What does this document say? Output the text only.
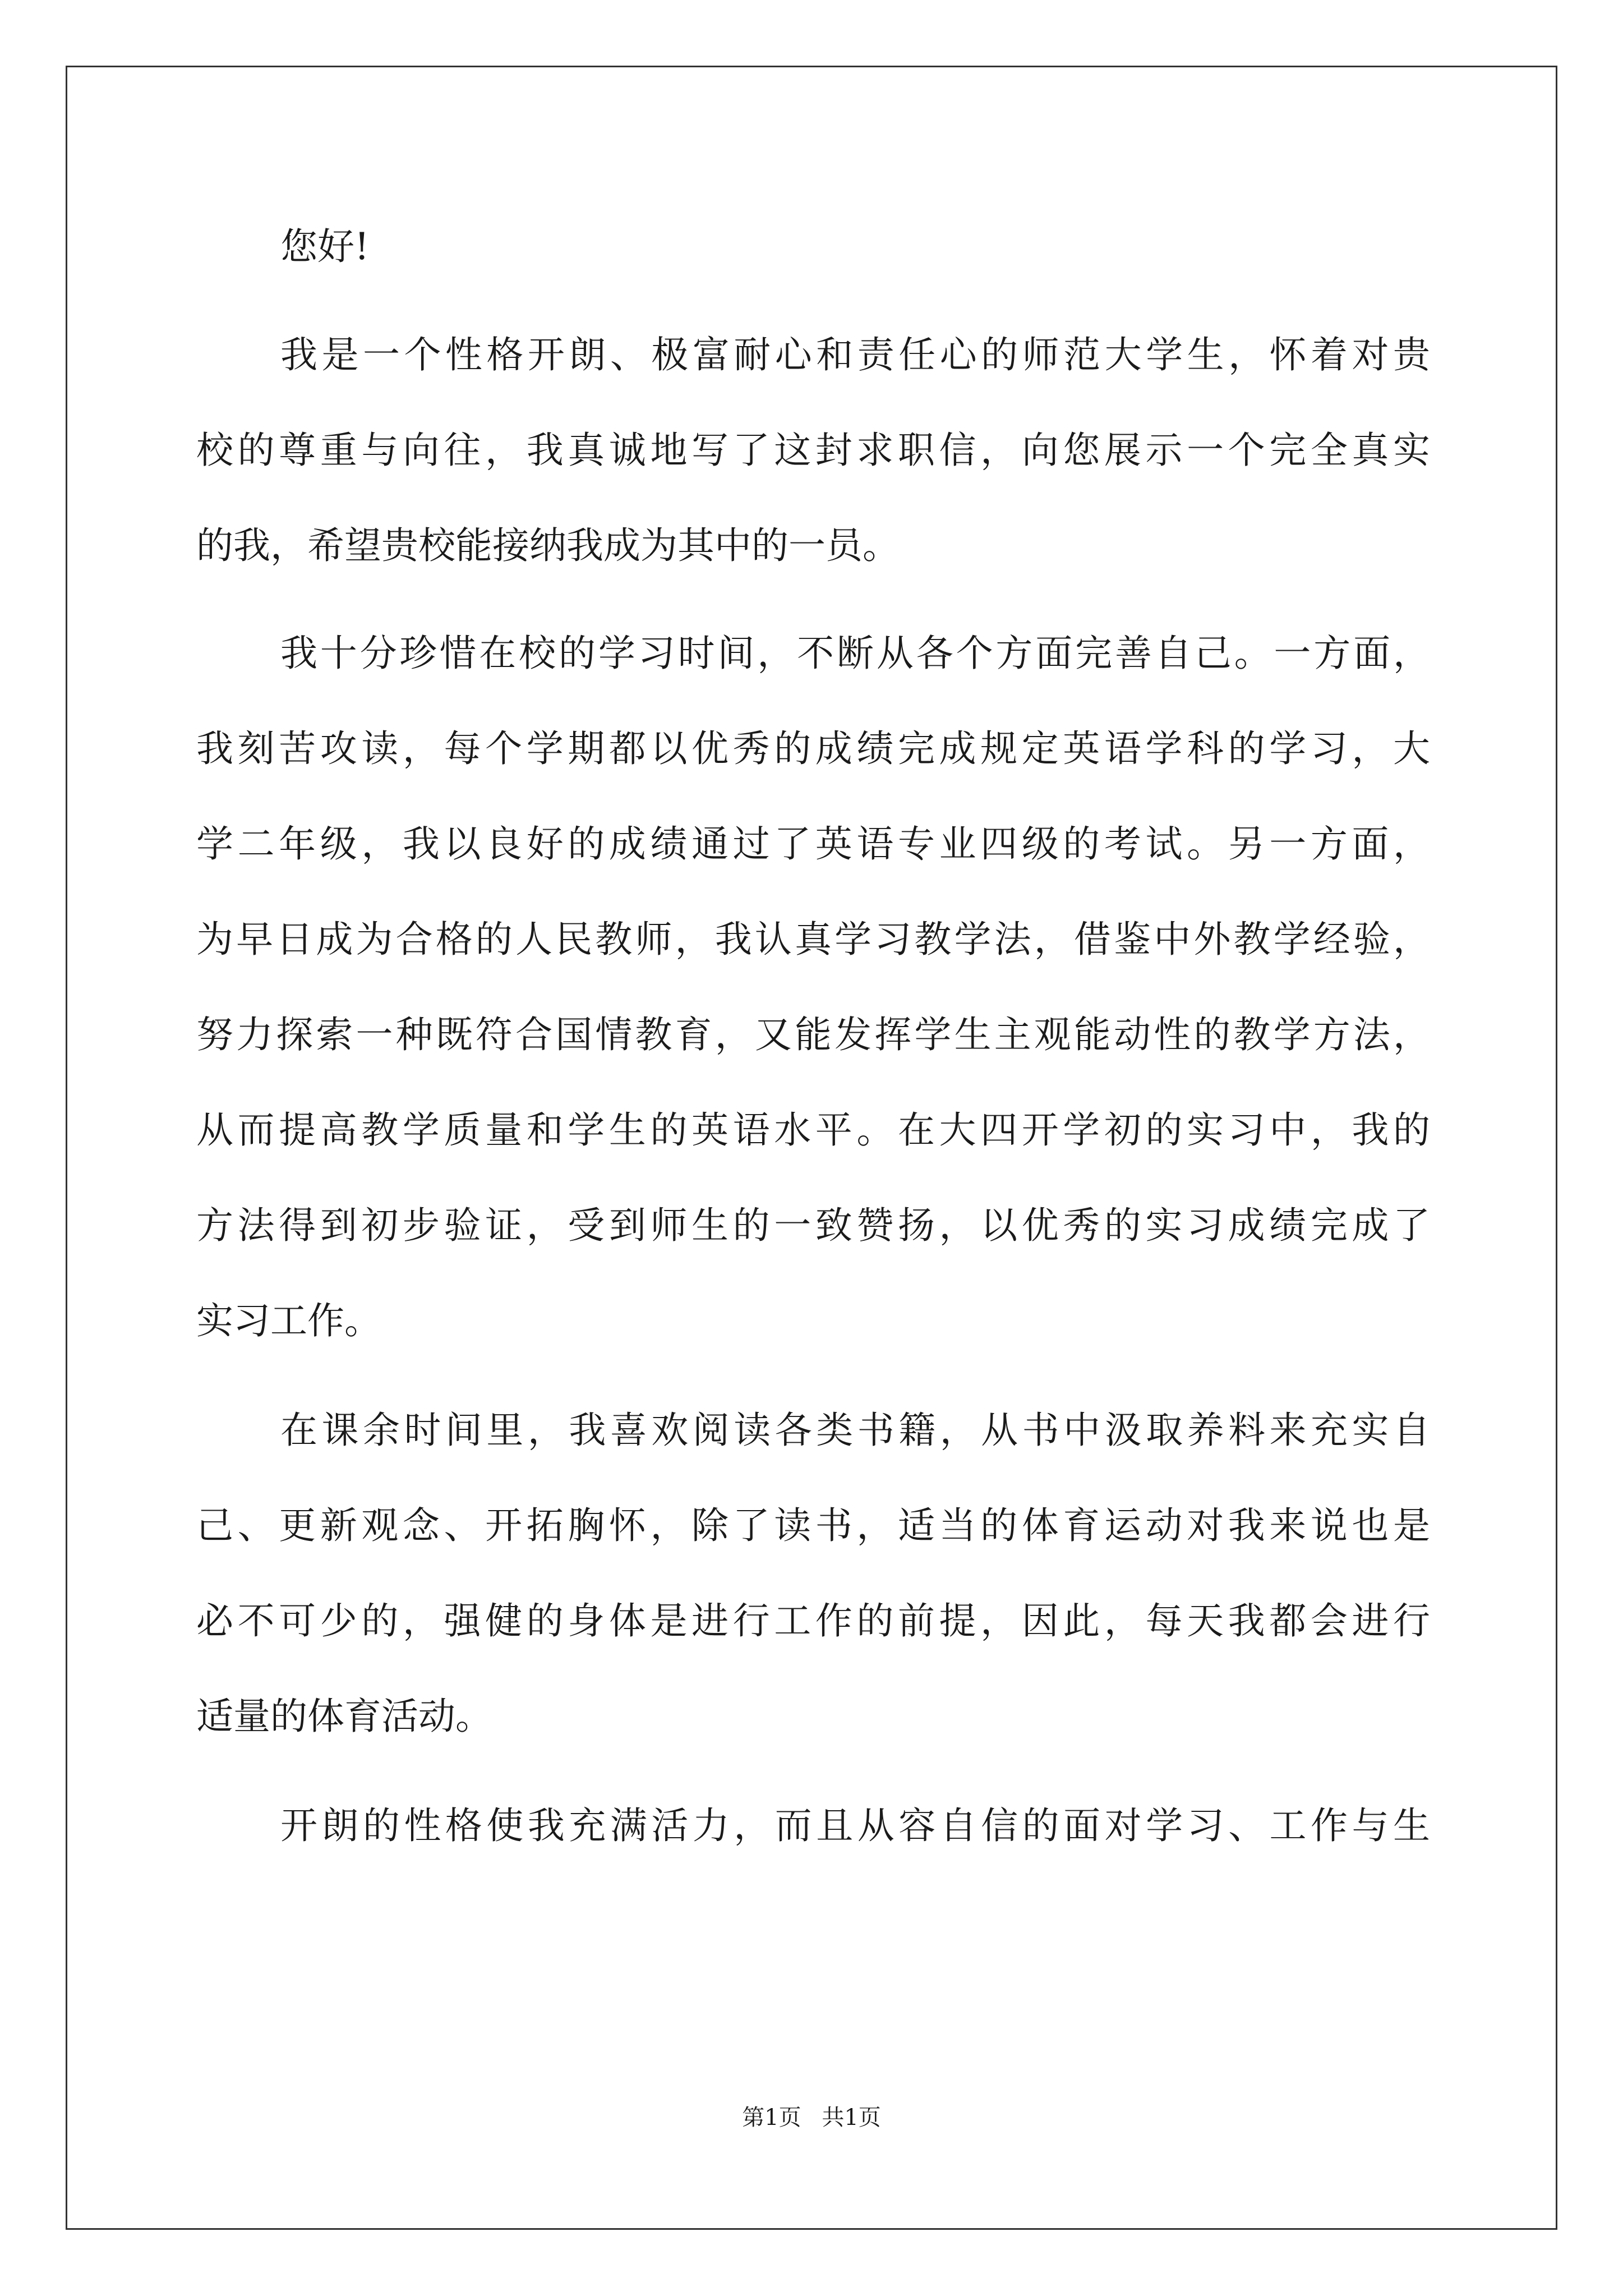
您好!
我是一个性格开朗、极富耐心和责任心的师范大学生，怀着对贵
校的尊重与向往，我真诚地写了这封求职信，向您展示一个完全真实
的我，希望贵校能接纳我成为其中的一员。
我十分珍惜在校的学习时间，不断从各个方面完善自己。一方面，
我刻苦攻读，每个学期都以优秀的成绩完成规定英语学科的学习，大
学二年级，我以良好的成绩通过了英语专业四级的考试。另一方面，
为早日成为合格的人民教师，我认真学习教学法，借鉴中外教学经验，
努力探索一种既符合国情教育，又能发挥学生主观能动性的教学方法，
从而提高教学质量和学生的英语水平。在大四开学初的实习中，我的
方法得到初步验证，受到师生的一致赞扬，以优秀的实习成绩完成了
实习工作。
在课余时间里，我喜欢阅读各类书籍，从书中汲取养料来充实自
己、更新观念、开拓胸怀，除了读书，适当的体育运动对我来说也是
必不可少的，强健的身体是进行工作的前提，因此，每天我都会进行
适量的体育活动。
开朗的性格使我充满活力，而且从容自信的面对学习、工作与生
第1页 共1页
